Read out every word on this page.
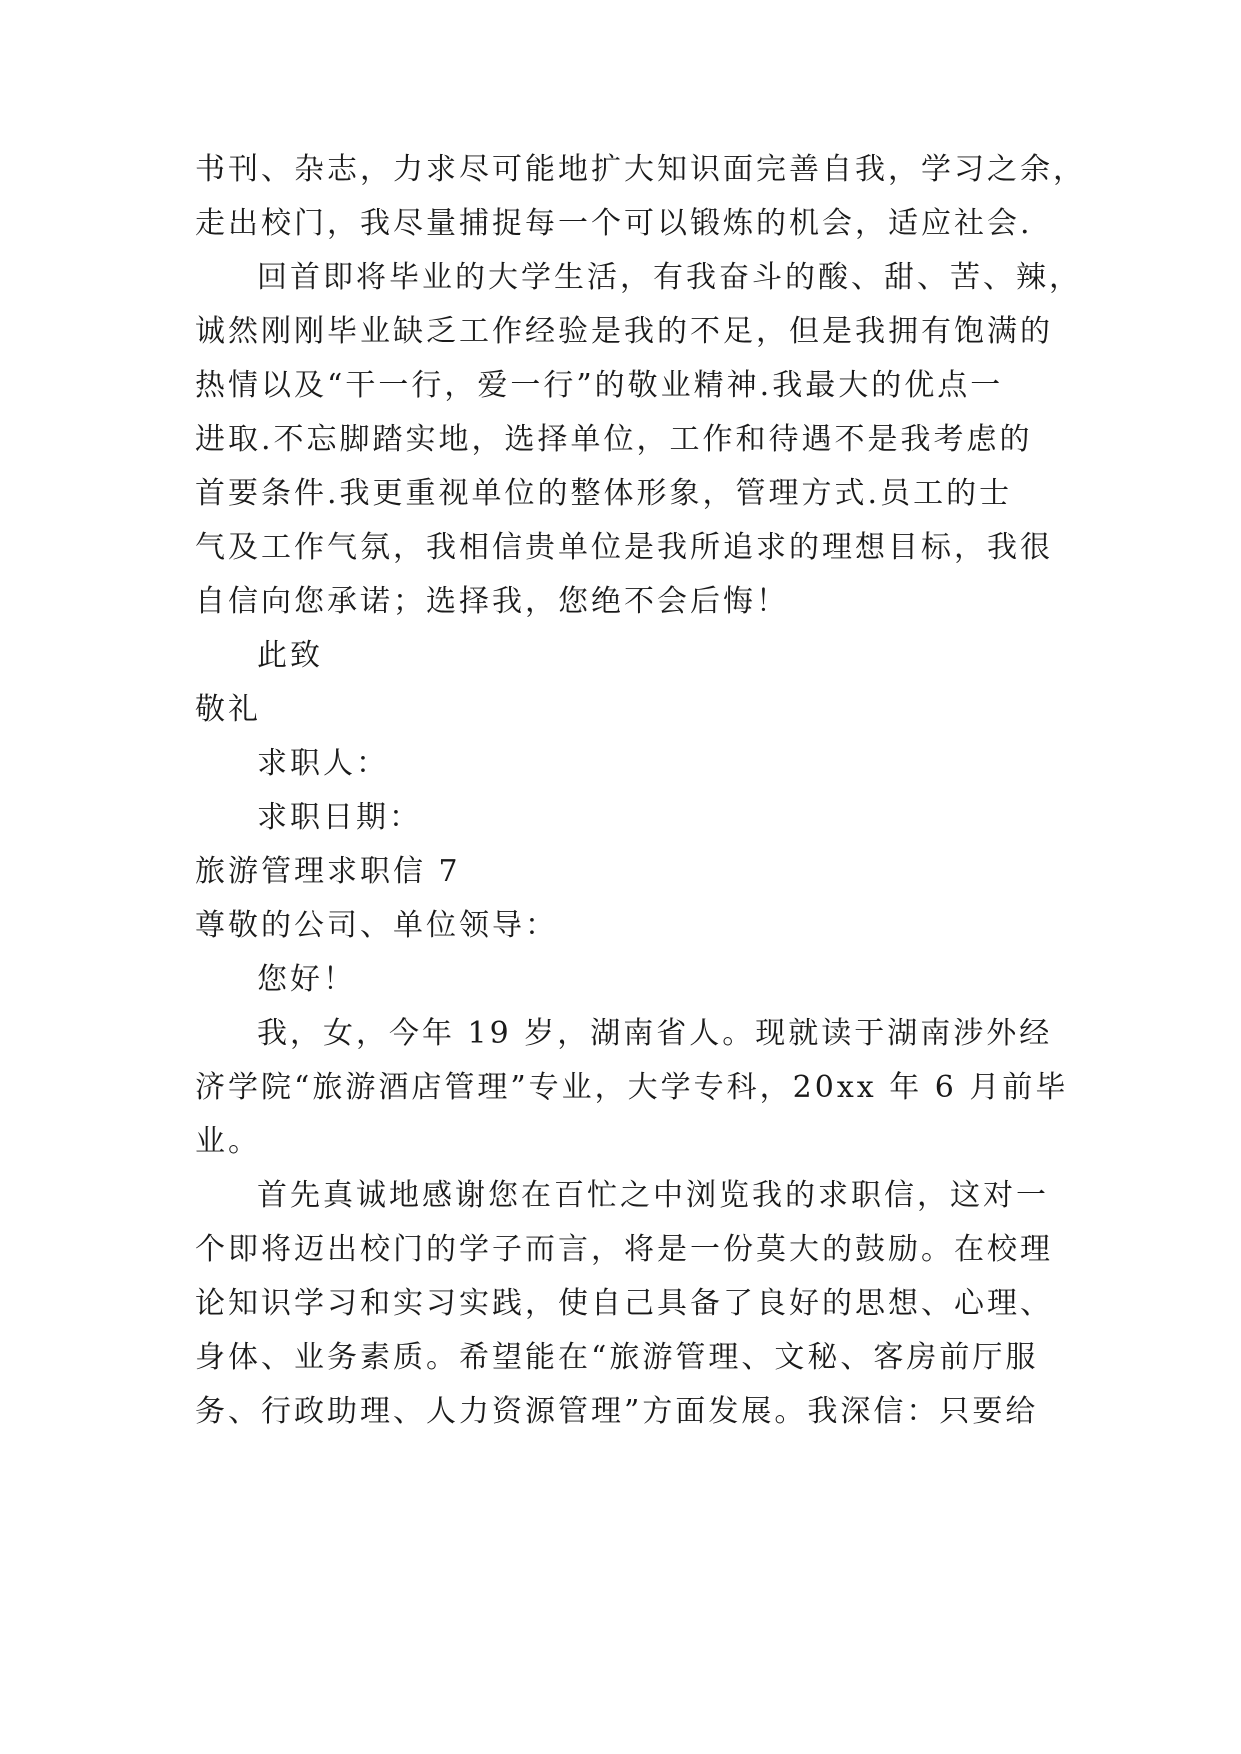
书刊、杂志，力求尽可能地扩大知识面完善自我，学习之余，
走出校门，我尽量捕捉每一个可以锻炼的机会，适应社会.
回首即将毕业的大学生活，有我奋斗的酸、甜、苦、辣，
诚然刚刚毕业缺乏工作经验是我的不足，但是我拥有饱满的
热情以及“干一行，爱一行”的敬业精神.我最大的优点一
进取.不忘脚踏实地，选择单位，工作和待遇不是我考虑的
首要条件.我更重视单位的整体形象，管理方式.员工的士
气及工作气氛，我相信贵单位是我所追求的理想目标，我很
自信向您承诺；选择我，您绝不会后悔！
此致
敬礼
求职人：
求职日期：
旅游管理求职信 7
尊敬的公司、单位领导：
您好！
我，女，今年 19 岁，湖南省人。现就读于湖南涉外经
济学院“旅游酒店管理”专业，大学专科，20xx 年 6 月前毕
业。
首先真诚地感谢您在百忙之中浏览我的求职信，这对一
个即将迈出校门的学子而言，将是一份莫大的鼓励。在校理
论知识学习和实习实践，使自己具备了良好的思想、心理、
身体、业务素质。希望能在“旅游管理、文秘、客房前厅服
务、行政助理、人力资源管理”方面发展。我深信：只要给
